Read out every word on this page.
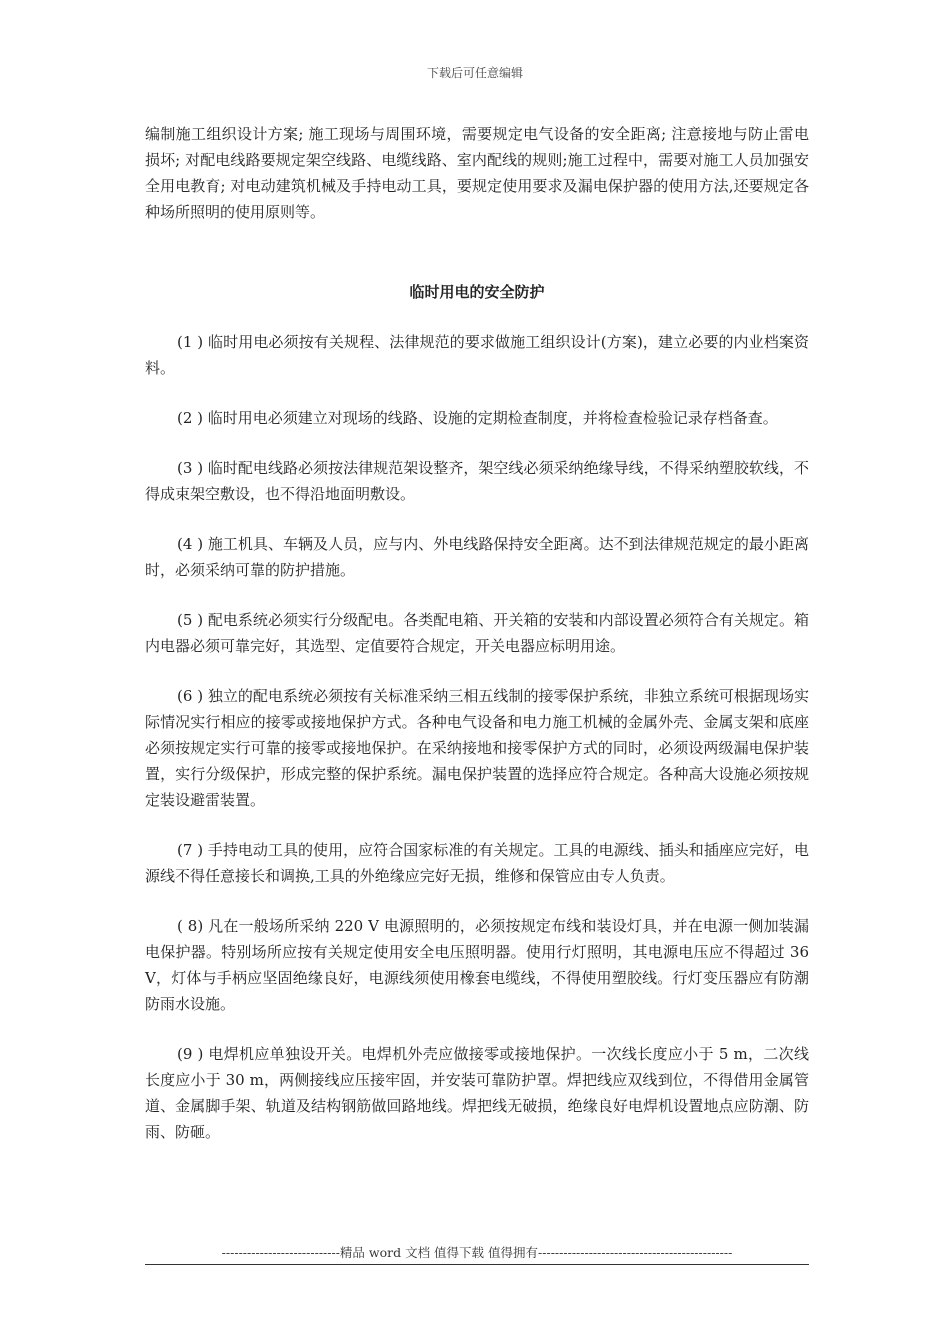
下载后可任意编辑

编制施工组织设计方案; 施工现场与周围环境，需要规定电气设备的安全距离; 注意接地与防止雷电损坏; 对配电线路要规定架空线路、电缆线路、室内配线的规则;施工过程中，需要对施工人员加强安全用电教育; 对电动建筑机械及手持电动工具，要规定使用要求及漏电保护器的使用方法,还要规定各种场所照明的使用原则等。

临时用电的安全防护

(1 ) 临时用电必须按有关规程、法律规范的要求做施工组织设计(方案)，建立必要的内业档案资料。

(2 ) 临时用电必须建立对现场的线路、设施的定期检查制度，并将检查检验记录存档备查。

(3 ) 临时配电线路必须按法律规范架设整齐，架空线必须采纳绝缘导线，不得采纳塑胶软线，不得成束架空敷设，也不得沿地面明敷设。

(4 ) 施工机具、车辆及人员，应与内、外电线路保持安全距离。达不到法律规范规定的最小距离时，必须采纳可靠的防护措施。

(5 ) 配电系统必须实行分级配电。各类配电箱、开关箱的安装和内部设置必须符合有关规定。箱内电器必须可靠完好，其选型、定值要符合规定，开关电器应标明用途。

(6 ) 独立的配电系统必须按有关标准采纳三相五线制的接零保护系统，非独立系统可根据现场实际情况实行相应的接零或接地保护方式。各种电气设备和电力施工机械的金属外壳、金属支架和底座必须按规定实行可靠的接零或接地保护。在采纳接地和接零保护方式的同时，必须设两级漏电保护装置，实行分级保护，形成完整的保护系统。漏电保护装置的选择应符合规定。各种高大设施必须按规定装设避雷装置。

(7 ) 手持电动工具的使用，应符合国家标准的有关规定。工具的电源线、插头和插座应完好，电源线不得任意接长和调换,工具的外绝缘应完好无损，维修和保管应由专人负责。

( 8) 凡在一般场所采纳 220 V 电源照明的，必须按规定布线和装设灯具，并在电源一侧加装漏电保护器。特别场所应按有关规定使用安全电压照明器。使用行灯照明，其电源电压应不得超过 36 V，灯体与手柄应坚固绝缘良好，电源线须使用橡套电缆线，不得使用塑胶线。行灯变压器应有防潮防雨水设施。

(9 ) 电焊机应单独设开关。电焊机外壳应做接零或接地保护。一次线长度应小于 5 m，二次线长度应小于 30 m，两侧接线应压接牢固，并安装可靠防护罩。焊把线应双线到位，不得借用金属管道、金属脚手架、轨道及结构钢筋做回路地线。焊把线无破损，绝缘良好电焊机设置地点应防潮、防雨、防砸。

----------------------------精品 word 文档 值得下载 值得拥有----------------------------------------------
